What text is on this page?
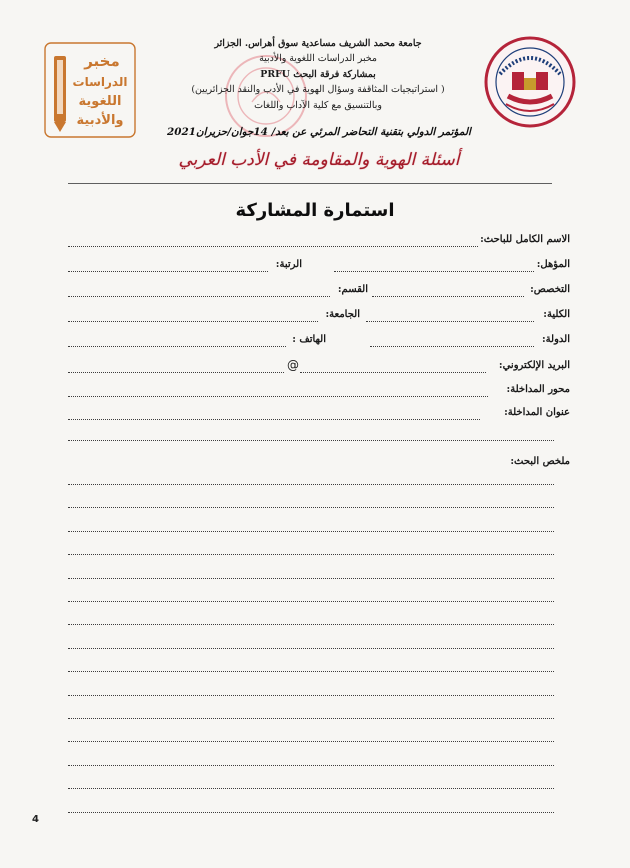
مخبر
الدراسات
اللغوية
والأدبية
جامعة محمد الشريف مساعدية سوق أهراس. الجزائر
مخبر الدراسات اللغوية والأدبية
بمشاركة فرقة البحث PRFU
( استراتيجيات المثاقفة وسؤال الهوية في الأدب والنقد الجزائريين)
وبالتنسيق مع كلية الآداب واللغات
المؤتمر الدولي بتقنية التحاضر المرئي عن بعد/ 14جوان/حزيران2021
أسئلة الهوية والمقاومة في الأدب العربي
استمارة المشاركة
الاسم الكامل للباحث:
المؤهل:
الرتبة:
التخصص:
القسم:
الكلية:
الجامعة:
الدولة:
الهاتف :
البريد الإلكتروني:
@
محور المداخلة:
عنوان المداخلة:
ملخص البحث:
4
